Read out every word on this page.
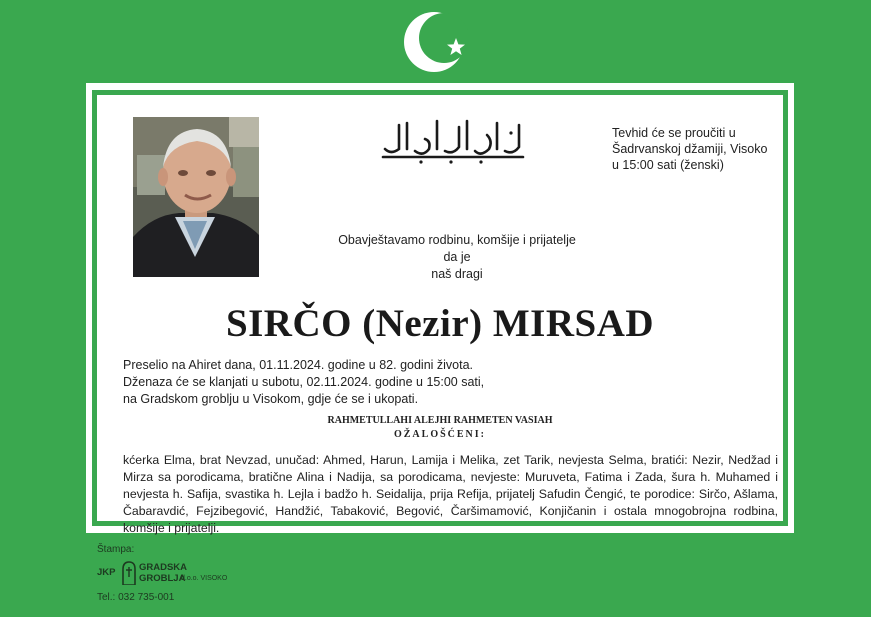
Tevhid će se proučiti u
Šadrvanskoj džamiji, Visoko
u 15:00 sati (ženski)
Obavještavamo rodbinu, komšije i prijatelje da je
naš dragi
SIRČO (Nezir) MIRSAD
Preselio na Ahiret dana, 01.11.2024. godine u 82. godini života.
Dženaza će se klanjati u subotu, 02.11.2024. godine u 15:00 sati,
na Gradskom groblju u Visokom, gdje će se i ukopati.
RAHMETULLAHI ALEJHI RAHMETEN VASIAH
OŽALOŠĆENI:
kćerka Elma, brat Nevzad, unučad: Ahmed, Harun, Lamija i Melika, zet Tarik, nevjesta Selma, bratići: Nezir, Nedžad i Mirza sa porodicama, bratične Alina i Nadija, sa porodicama, nevjeste: Muruveta, Fatima i Zada, šura h. Muhamed i nevjesta h. Safija, svastika h. Lejla i badžo h. Seidalija, prija Refija, prijatelj Safudin Čengić, te porodice: Sirčo, Ašlama, Čabaravdić, Fejzibegović, Handžić, Tabaković, Begović, Čaršimamović, Konjičanin i ostala mnogobrojna rodbina, komšije i prijatelji.
Štampa:
JKP GRADSKA
GROBLJA
d.o.o. VISOKO
Tel.: 032 735-001
